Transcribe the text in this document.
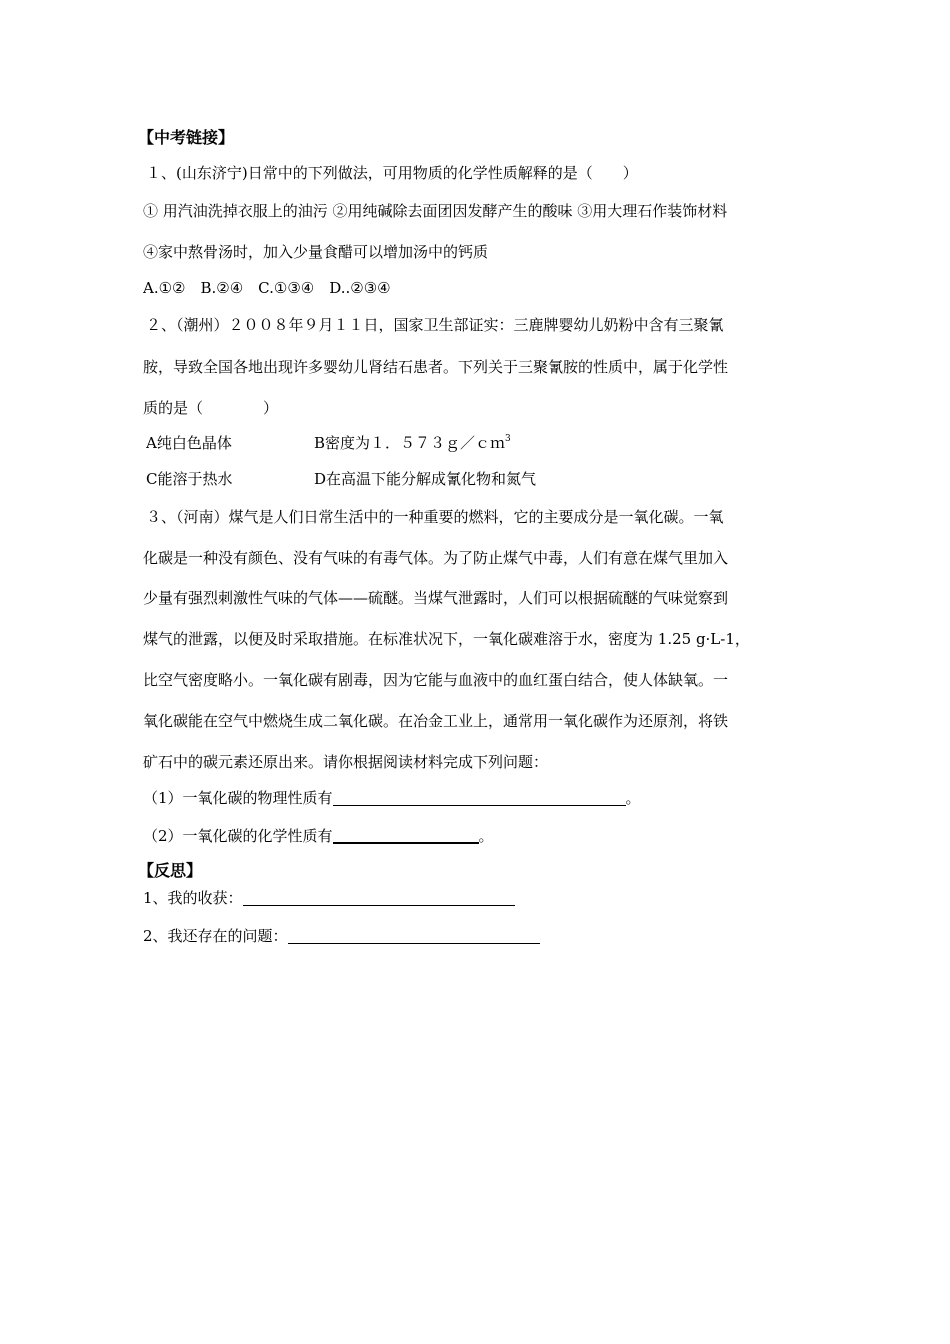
【中考链接】
１、(山东济宁)日常中的下列做法，可用物质的化学性质解释的是（　　）
① 用汽油洗掉衣服上的油污 ②用纯碱除去面团因发酵产生的酸味 ③用大理石作装饰材料
④家中熬骨汤时，加入少量食醋可以增加汤中的钙质
A.①②　B.②④　C.①③④　D..②③④
２、（潮州）２００８年９月１１日，国家卫生部证实：三鹿牌婴幼儿奶粉中含有三聚氰
胺，导致全国各地出现许多婴幼儿肾结石患者。下列关于三聚氰胺的性质中，属于化学性
质的是（　　　　）
A纯白色晶体	B密度为１．５７３ｇ／ｃｍ$^3$
C能溶于热水	D在高温下能分解成氰化物和氮气
３、（河南）煤气是人们日常生活中的一种重要的燃料，它的主要成分是一氧化碳。一氧
化碳是一种没有颜色、没有气味的有毒气体。为了防止煤气中毒，人们有意在煤气里加入
少量有强烈刺激性气味的气体——硫醚。当煤气泄露时，人们可以根据硫醚的气味觉察到
煤气的泄露，以便及时采取措施。在标准状况下，一氧化碳难溶于水，密度为 1.25 g·L-1，
比空气密度略小。一氧化碳有剧毒，因为它能与血液中的血红蛋白结合，使人体缺氧。一
氧化碳能在空气中燃烧生成二氧化碳。在冶金工业上，通常用一氧化碳作为还原剂，将铁
矿石中的碳元素还原出来。请你根据阅读材料完成下列问题：
（1）一氧化碳的物理性质有	。
（2）一氧化碳的化学性质有	。
【反思】
1、我的收获：
2、我还存在的问题：
